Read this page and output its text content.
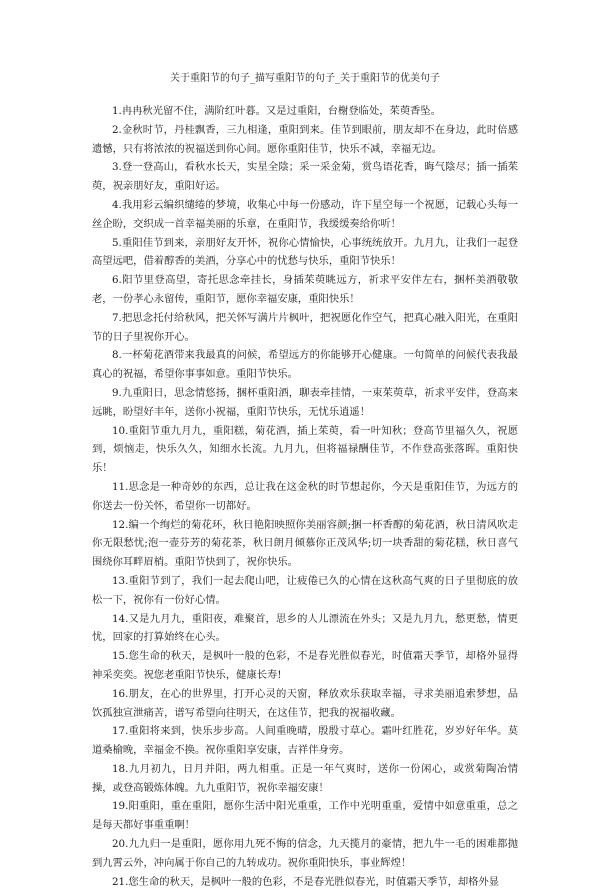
关于重阳节的句子_描写重阳节的句子_关于重阳节的优美句子
1.冉冉秋光留不住，满阶红叶暮。又是过重阳，台榭登临处，茱萸香坠。
2.金秋时节，丹桂飘香，三九相逢，重阳到来。佳节到眼前，朋友却不在身边，此时倍感遗憾，只有将浓浓的祝福送到你心间。愿你重阳佳节，快乐不减，幸福无边。
3.登一登高山，看秋水长天，实星全陰；采一采金菊，赏鸟语花香，晦气陰尽；插一插茱萸，祝亲朋好友，重阳好运。
4.我用彩云编织缱绻的梦境，收集心中每一份感动，许下星空每一个祝愿，记载心头每一丝企盼，交织成一首幸福美丽的乐章，在重阳节，我缓缓奏给你听！
5.重阳佳节到来，亲朋好友开怀，祝你心情愉快，心事统统放开。九月九，让我们一起登高望远吧，借着醇香的美酒，分享心中的忧愁与快乐，重阳节快乐！
6.阳节里登高望，寄托思念牵挂长，身插茱萸眺远方，祈求平安伴左右，捆杯美酒敬敬老，一份孝心永留传，重阳节，愿你幸福安康，重阳快乐！
7.把思念托付给秋风，把关怀写满片片枫叶，把祝愿化作空气，把真心融入阳光，在重阳节的日子里祝你开心。
8.一杯菊花酒带来我最真的问候，希望远方的你能够开心健康。一句简单的问候代表我最真心的祝福，希望你事事如意。重阳节快乐。
9.九重阳日，思念情悠扬，捆杯重阳酒，聊表牵挂情，一束茱萸草，祈求平安伴，登高来远眺，盼望好丰年，送你小祝福，重阳节快乐，无忧乐逍遥！
10.重阳节重九月九，重阳糕，菊花酒，插上茱萸，看一叶知秋；登高节里福久久，祝愿到，烦恼走，快乐久久，知细水长流。九月九，但将福禄酬佳节，不作登高张落晖。重阳快乐！
11.思念是一种奇妙的东西，总让我在这金秋的时节想起你，今天是重阳佳节，为远方的你送去一份关怀，希望你一切都好。
12.编一个绚烂的菊花环，秋日艳阳映照你美丽容颜;捆一杯香醇的菊花酒，秋日清风吹走你无限愁忧;泡一壶芬芳的菊花茶，秋日朗月倾慕你正茂风华;切一块香甜的菊花糕，秋日喜气围绕你耳畔眉梢。重阳节快到了，祝你快乐。
13.重阳节到了，我们一起去爬山吧，让疲倦已久的心情在这秋高气爽的日子里彻底的放松一下，祝你有一份好心情。
14.又是九月九，重阳夜，难聚首，思乡的人儿漂流在外头；又是九月九，愁更愁，情更忧，回家的打算始终在心头。
15.您生命的秋天，是枫叶一般的色彩，不是春光胜似春光，时值霜天季节，却格外显得神采奕奕。祝您老重阳节快乐，健康长寿!
16.朋友，在心的世界里，打开心灵的天窗，释放欢乐获取幸福，寻求美丽追索梦想，品饮孤独宣泄痛苦，谱写希望向往明天，在这佳节，把我的祝福收藏。
17.重阳将来到，快乐步步高。人间重晚晴，殷殷寸草心。霜叶红胜花，岁岁好年华。莫道桑榆晚，幸福金不换。祝你重阳享安康，吉祥伴身旁。
18.九月初九，日月并阳，两九相重。正是一年气爽时，送你一份闲心，或赏菊陶冶情操，或登高锻炼体魄。九九重阳节，祝你幸福安康！
19.阳重阳，重在重阳，愿你生活中阳光重重，工作中光明重重，爱情中如意重重，总之是每天都好事重重啊！
20.九九归一是重阳，愿你用九死不悔的信念，九天揽月的豪情，把九牛一毛的困难都抛到九霄云外，冲向属于你自己的九转成功。祝你重阳快乐，事业辉煌！
21.您生命的秋天，是枫叶一般的色彩，不是春光胜似春光，时值霜天季节，却格外显
